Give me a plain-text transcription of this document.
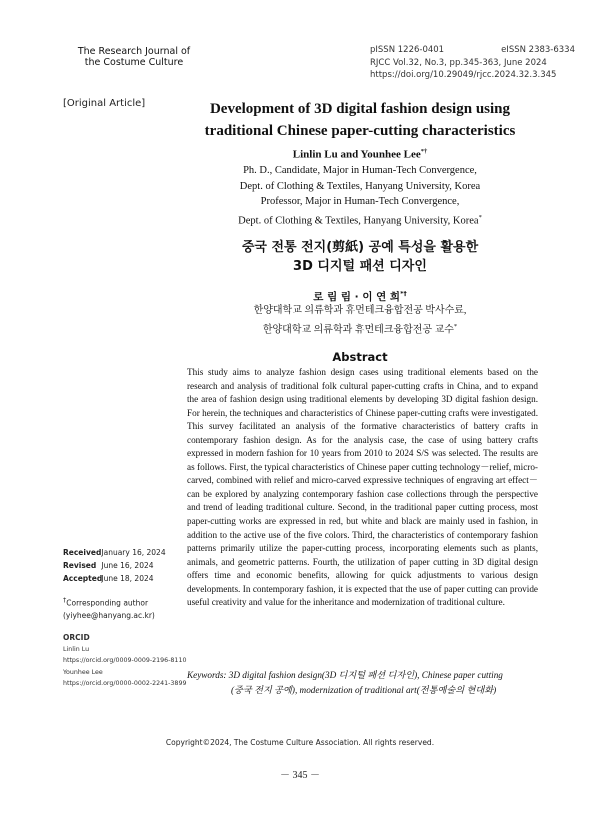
The Research Journal of
the Costume Culture
pISSN 1226-0401	eISSN 2383-6334
RJCC Vol.32, No.3, pp.345-363, June 2024
https://doi.org/10.29049/rjcc.2024.32.3.345
[Original Article]	Development of 3D digital fashion design using
traditional Chinese paper-cutting characteristics
Linlin Lu and Younhee Lee*†
Ph. D., Candidate, Major in Human-Tech Convergence,
Dept. of Clothing & Textiles, Hanyang University, Korea
Professor, Major in Human-Tech Convergence,
Dept. of Clothing & Textiles, Hanyang University, Korea*
중국 전통 전지(剪紙) 공예 특성을 활용한
3D 디지털 패션 디자인
로 림 림 · 이 연 희*†
한양대학교 의류학과 휴먼테크융합전공 박사수료,
한양대학교 의류학과 휴먼테크융합전공 교수*
Abstract
This study aims to analyze fashion design cases using traditional elements based on the research and analysis of traditional folk cultural paper-cutting crafts in China, and to expand the area of fashion design using traditional elements by developing 3D digital fashion design. For herein, the techniques and characteristics of Chinese paper-cutting crafts were investigated. This survey facilitated an analysis of the formative characteristics of battery crafts in contemporary fashion design. As for the analysis case, the case of using battery crafts expressed in modern fashion for 10 years from 2010 to 2024 S/S was selected. The results are as follows. First, the typical characteristics of Chinese paper cutting technology－relief, micro-carved, combined with relief and micro-carved expressive techniques of engraving art effect－can be explored by analyzing contemporary fashion case collections through the perspective and trend of leading traditional culture. Second, in the traditional paper cutting process, most paper-cutting works are expressed in red, but white and black are mainly used in fashion, in addition to the active use of the five colors. Third, the characteristics of contemporary fashion patterns primarily utilize the paper-cutting process, incorporating elements such as plants, animals, and geometric patterns. Fourth, the utilization of paper cutting in 3D digital design offers time and economic benefits, allowing for quick adjustments to various design developments. In contemporary fashion, it is expected that the use of paper cutting can provide useful creativity and value for the inheritance and modernization of traditional culture.
Keywords: 3D digital fashion design(3D 디지털 패션 디자인), Chinese paper cutting
(중국 전지 공예), modernization of traditional art(전통예술의 현대화)
Received January 16, 2024
Revised June 16, 2024
Accepted June 18, 2024
†Corresponding author
(yiyhee@hanyang.ac.kr)
ORCID
Linlin Lu
https://orcid.org/0009-0009-2196-8110
Younhee Lee
https://orcid.org/0000-0002-2241-3899
Copyright©2024, The Costume Culture Association. All rights reserved.
－ 345 －
